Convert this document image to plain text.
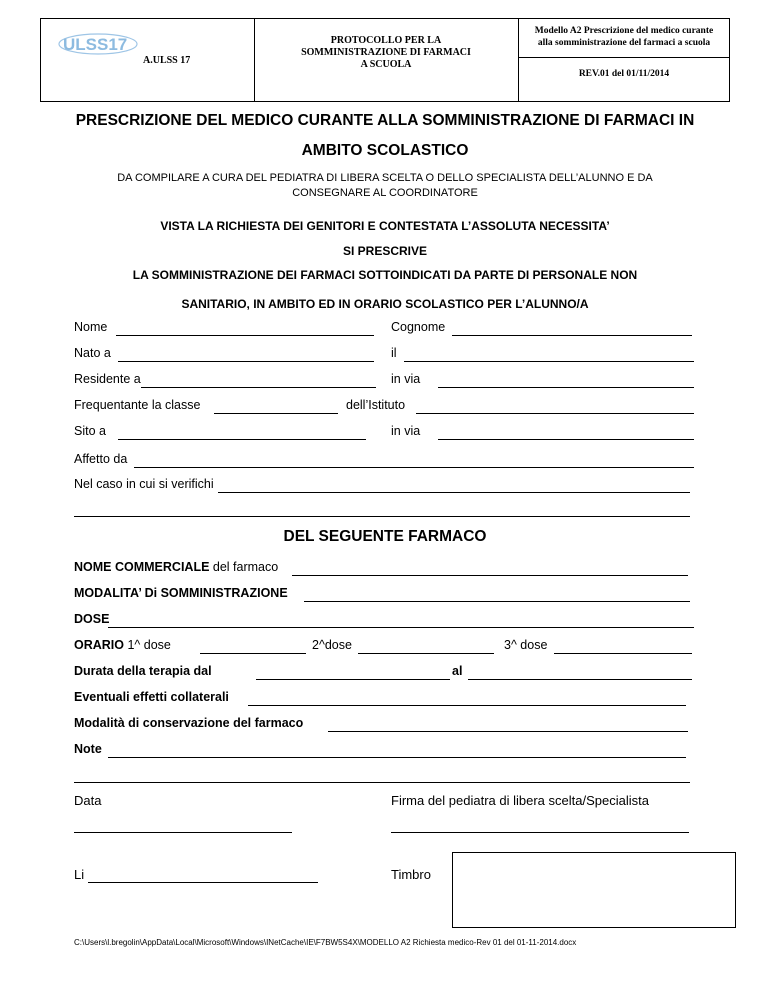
ULSS17
A.ULSS 17
PROTOCOLLO PER LA
SOMMINISTRAZIONE DI FARMACI
A SCUOLA
Modello A2 Prescrizione del medico curante
alla somministrazione del farmaci a scuola
REV.01 del 01/11/2014
PRESCRIZIONE DEL MEDICO CURANTE ALLA SOMMINISTRAZIONE DI FARMACI IN
AMBITO SCOLASTICO
DA COMPILARE A CURA DEL PEDIATRA DI LIBERA SCELTA O DELLO SPECIALISTA DELL’ALUNNO E DA
CONSEGNARE AL COORDINATORE
VISTA LA RICHIESTA DEI GENITORI E CONTESTATA L’ASSOLUTA NECESSITA’
SI PRESCRIVE
LA SOMMINISTRAZIONE DEI FARMACI SOTTOINDICATI DA PARTE DI PERSONALE NON
SANITARIO, IN AMBITO ED IN ORARIO SCOLASTICO PER L’ALUNNO/A
Nome	Cognome
Nato a	il
Residente a	in via
Frequentante la classe	dell’Istituto
Sito a	in via
Affetto da
Nel caso in cui si verifichi
DEL SEGUENTE FARMACO
NOME COMMERCIALE del farmaco
MODALITA’ Di SOMMINISTRAZIONE
DOSE
ORARIO 1^ dose	2^dose	3^ dose
Durata della terapia dal	al
Eventuali effetti collaterali
Modalità di conservazione del farmaco
Note
Data	Firma del pediatra di libera scelta/Specialista
Li	Timbro
C:\Users\l.bregolin\AppData\Local\Microsoft\Windows\INetCache\IE\F7BW5S4X\MODELLO A2 Richiesta medico-Rev 01 del 01-11-2014.docx
